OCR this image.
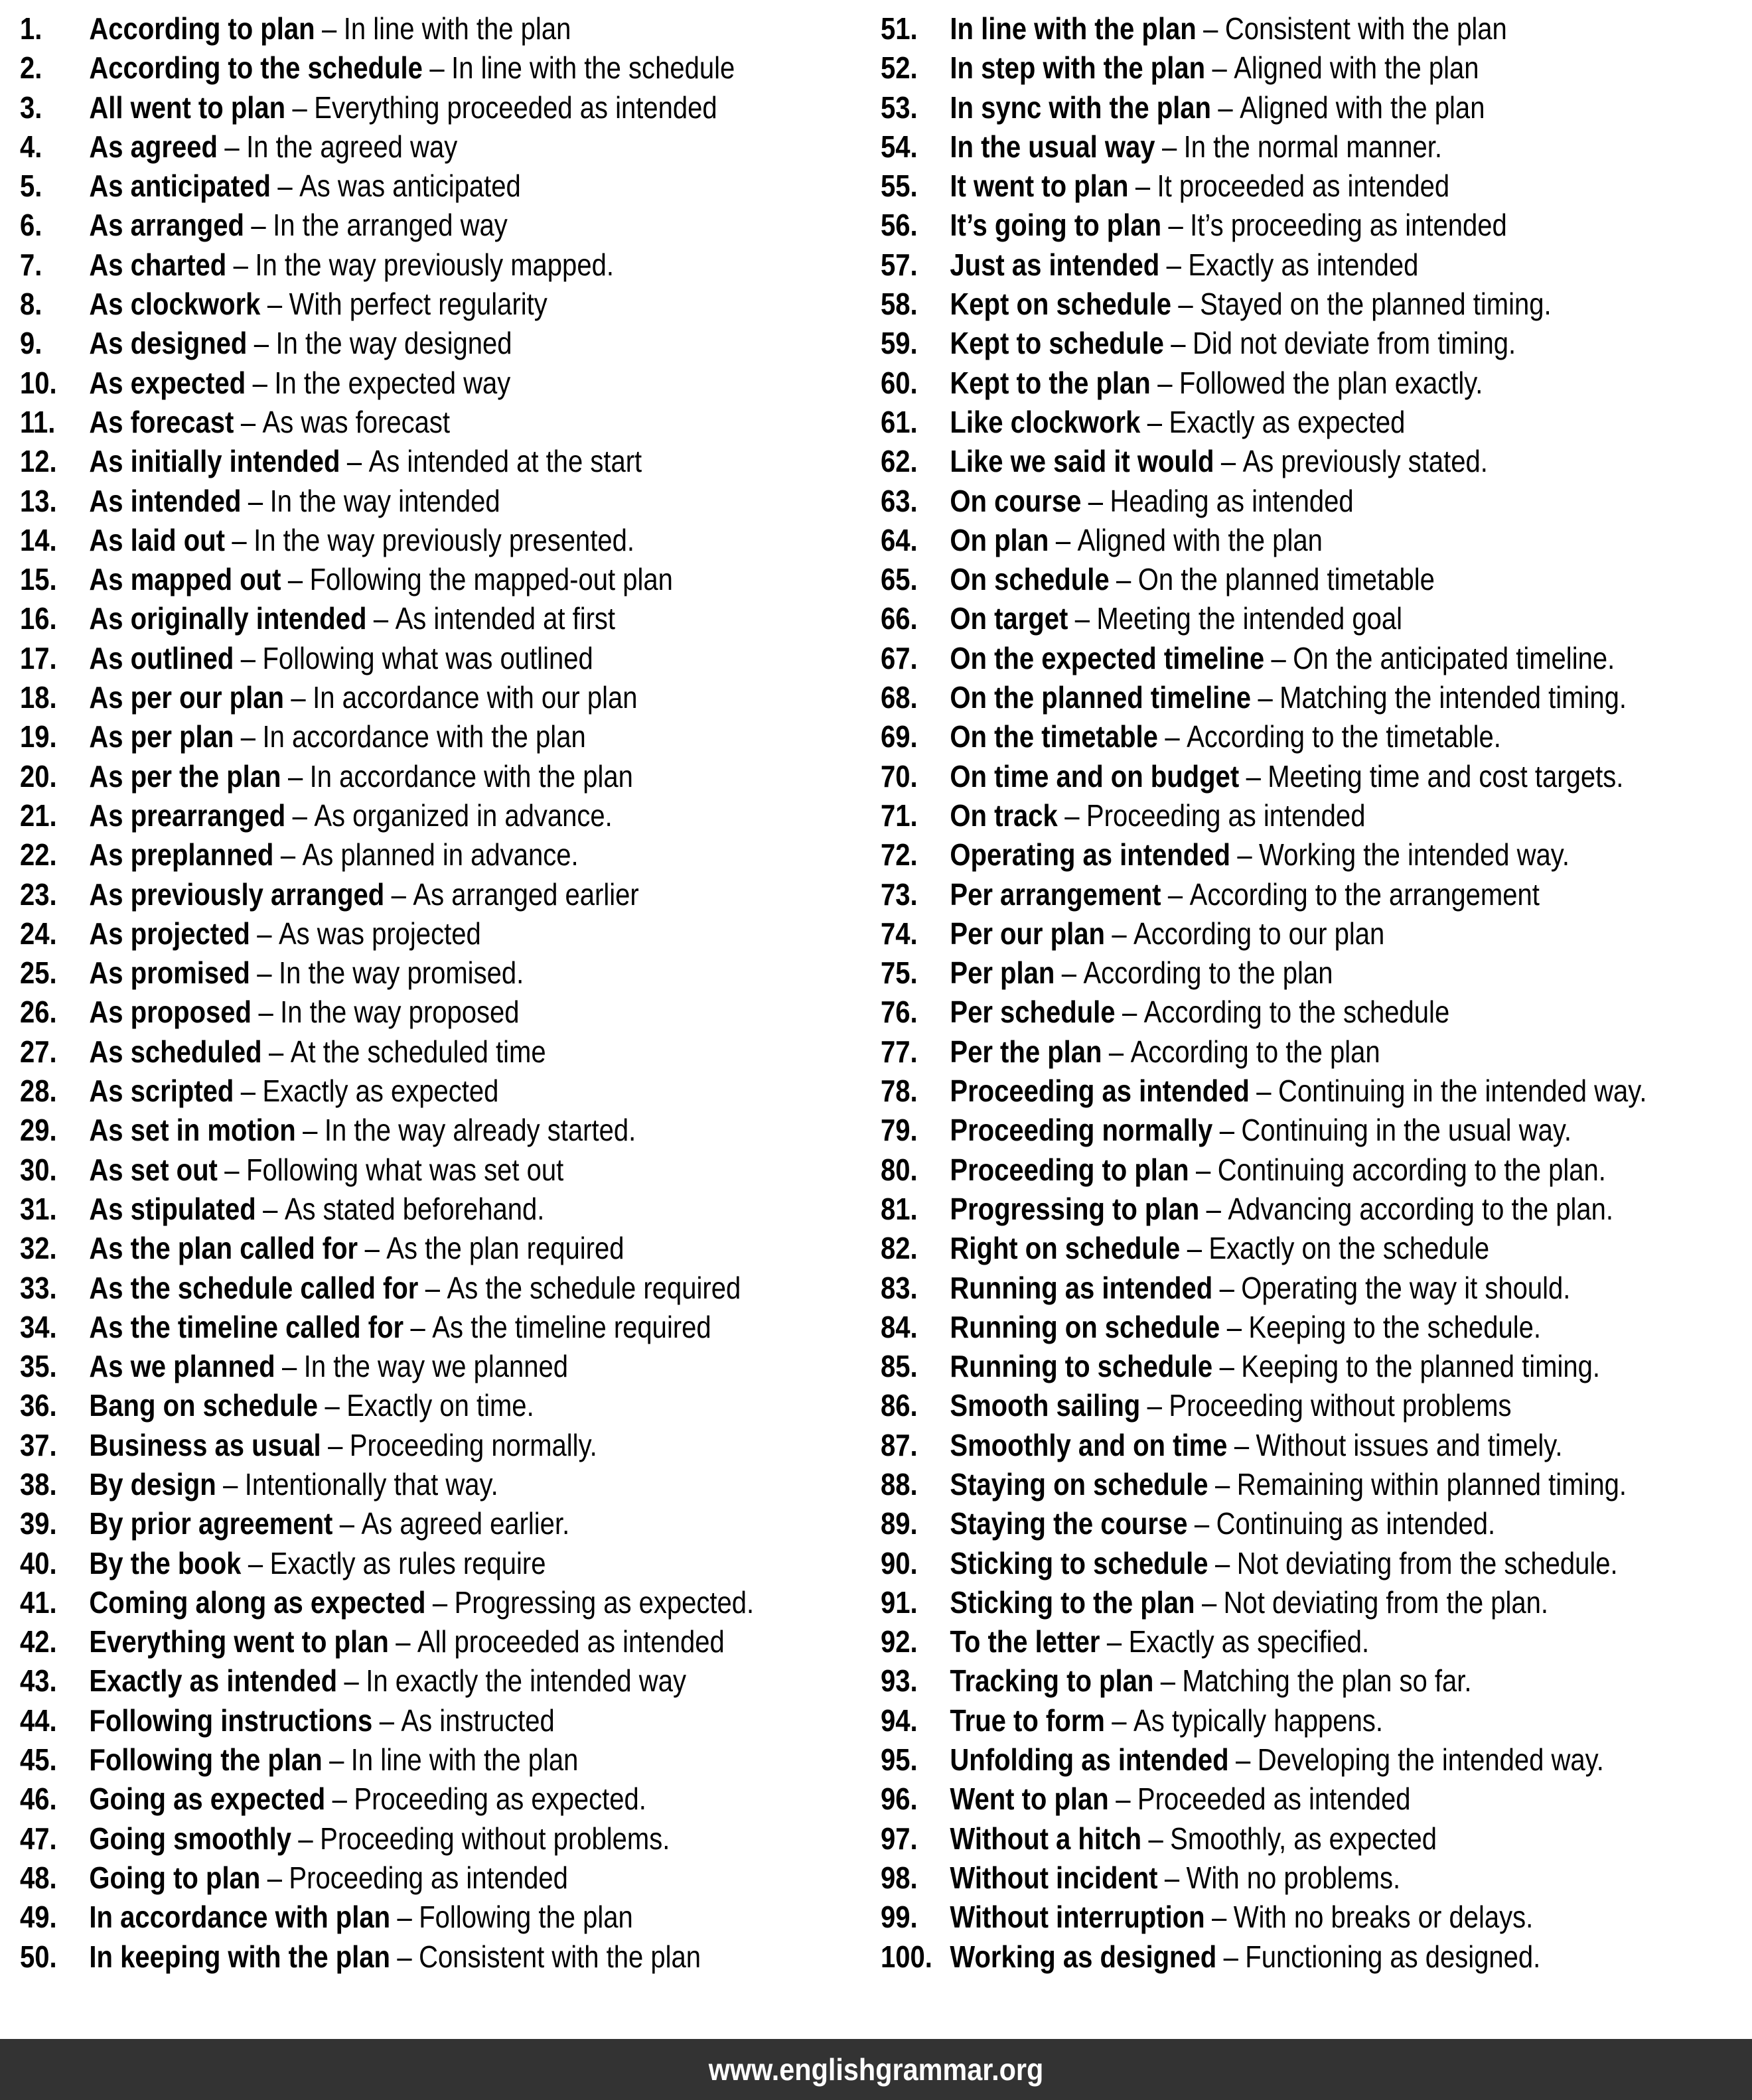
1. According to plan – In line with the plan
2. According to the schedule – In line with the schedule
3. All went to plan – Everything proceeded as intended
4. As agreed – In the agreed way
5. As anticipated – As was anticipated
6. As arranged – In the arranged way
7. As charted – In the way previously mapped.
8. As clockwork – With perfect regularity
9. As designed – In the way designed
10. As expected – In the expected way
11. As forecast – As was forecast
12. As initially intended – As intended at the start
13. As intended – In the way intended
14. As laid out – In the way previously presented.
15. As mapped out – Following the mapped-out plan
16. As originally intended – As intended at first
17. As outlined – Following what was outlined
18. As per our plan – In accordance with our plan
19. As per plan – In accordance with the plan
20. As per the plan – In accordance with the plan
21. As prearranged – As organized in advance.
22. As preplanned – As planned in advance.
23. As previously arranged – As arranged earlier
24. As projected – As was projected
25. As promised – In the way promised.
26. As proposed – In the way proposed
27. As scheduled – At the scheduled time
28. As scripted – Exactly as expected
29. As set in motion – In the way already started.
30. As set out – Following what was set out
31. As stipulated – As stated beforehand.
32. As the plan called for – As the plan required
33. As the schedule called for – As the schedule required
34. As the timeline called for – As the timeline required
35. As we planned – In the way we planned
36. Bang on schedule – Exactly on time.
37. Business as usual – Proceeding normally.
38. By design – Intentionally that way.
39. By prior agreement – As agreed earlier.
40. By the book – Exactly as rules require
41. Coming along as expected – Progressing as expected.
42. Everything went to plan – All proceeded as intended
43. Exactly as intended – In exactly the intended way
44. Following instructions – As instructed
45. Following the plan – In line with the plan
46. Going as expected – Proceeding as expected.
47. Going smoothly – Proceeding without problems.
48. Going to plan – Proceeding as intended
49. In accordance with plan – Following the plan
50. In keeping with the plan – Consistent with the plan
51. In line with the plan – Consistent with the plan
52. In step with the plan – Aligned with the plan
53. In sync with the plan – Aligned with the plan
54. In the usual way – In the normal manner.
55. It went to plan – It proceeded as intended
56. It’s going to plan – It’s proceeding as intended
57. Just as intended – Exactly as intended
58. Kept on schedule – Stayed on the planned timing.
59. Kept to schedule – Did not deviate from timing.
60. Kept to the plan – Followed the plan exactly.
61. Like clockwork – Exactly as expected
62. Like we said it would – As previously stated.
63. On course – Heading as intended
64. On plan – Aligned with the plan
65. On schedule – On the planned timetable
66. On target – Meeting the intended goal
67. On the expected timeline – On the anticipated timeline.
68. On the planned timeline – Matching the intended timing.
69. On the timetable – According to the timetable.
70. On time and on budget – Meeting time and cost targets.
71. On track – Proceeding as intended
72. Operating as intended – Working the intended way.
73. Per arrangement – According to the arrangement
74. Per our plan – According to our plan
75. Per plan – According to the plan
76. Per schedule – According to the schedule
77. Per the plan – According to the plan
78. Proceeding as intended – Continuing in the intended way.
79. Proceeding normally – Continuing in the usual way.
80. Proceeding to plan – Continuing according to the plan.
81. Progressing to plan – Advancing according to the plan.
82. Right on schedule – Exactly on the schedule
83. Running as intended – Operating the way it should.
84. Running on schedule – Keeping to the schedule.
85. Running to schedule – Keeping to the planned timing.
86. Smooth sailing – Proceeding without problems
87. Smoothly and on time – Without issues and timely.
88. Staying on schedule – Remaining within planned timing.
89. Staying the course – Continuing as intended.
90. Sticking to schedule – Not deviating from the schedule.
91. Sticking to the plan – Not deviating from the plan.
92. To the letter – Exactly as specified.
93. Tracking to plan – Matching the plan so far.
94. True to form – As typically happens.
95. Unfolding as intended – Developing the intended way.
96. Went to plan – Proceeded as intended
97. Without a hitch – Smoothly, as expected
98. Without incident – With no problems.
99. Without interruption – With no breaks or delays.
100. Working as designed – Functioning as designed.
www.englishgrammar.org
